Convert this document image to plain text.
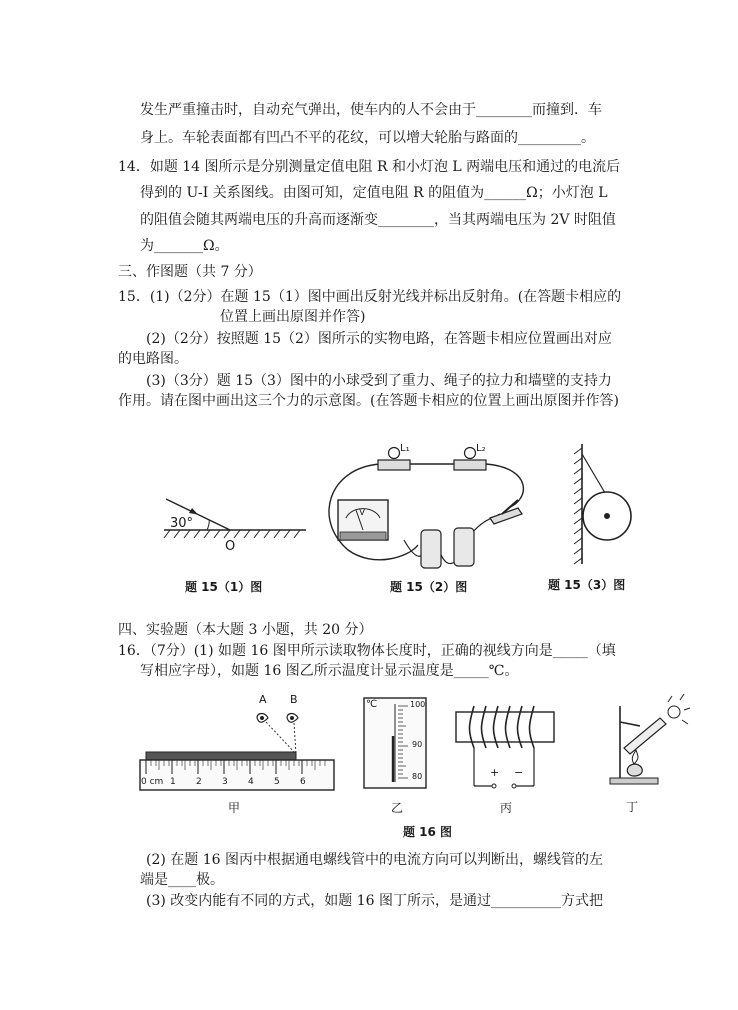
发生严重撞击时，自动充气弹出，使车内的人不会由于________而撞到．车
身上。车轮表面都有凹凸不平的花纹，可以增大轮胎与路面的_________。
14．如题 14 图所示是分别测量定值电阻 R 和小灯泡 L 两端电压和通过的电流后
得到的 U-I 关系图线。由图可知，定值电阻 R 的阻值为______Ω；小灯泡 L
的阻值会随其两端电压的升高而逐渐变________，当其两端电压为 2V 时阻值
为_______Ω。
三、作图题（共 7 分）
15．(1)（2分）在题 15（1）图中画出反射光线并标出反射角。(在答题卡相应的
位置上画出原图并作答)
(2)（2分）按照题 15（2）图所示的实物电路，在答题卡相应位置画出对应
的电路图。
(3)（3分）题 15（3）图中的小球受到了重力、绳子的拉力和墙壁的支持力
作用。请在图中画出这三个力的示意图。(在答题卡相应的位置上画出原图并作答)
30°
O
题 15（1）图
L₁	L₂
V
题 15（2）图	题 15（3）图
四、实验题（本大题 3 小题，共 20 分）
16．（7分）(1) 如题 16 图甲所示读取物体长度时，正确的视线方向是_____（填
写相应字母），如题 16 图乙所示温度计显示温度是_____℃。
A B
0 cm 1 2 3 4 5 6
甲
℃	100
90
80
乙
+ −
丙	丁
题 16 图
(2) 在题 16 图丙中根据通电螺线管中的电流方向可以判断出，螺线管的左
端是____极。
(3) 改变内能有不同的方式，如题 16 图丁所示，是通过__________方式把
